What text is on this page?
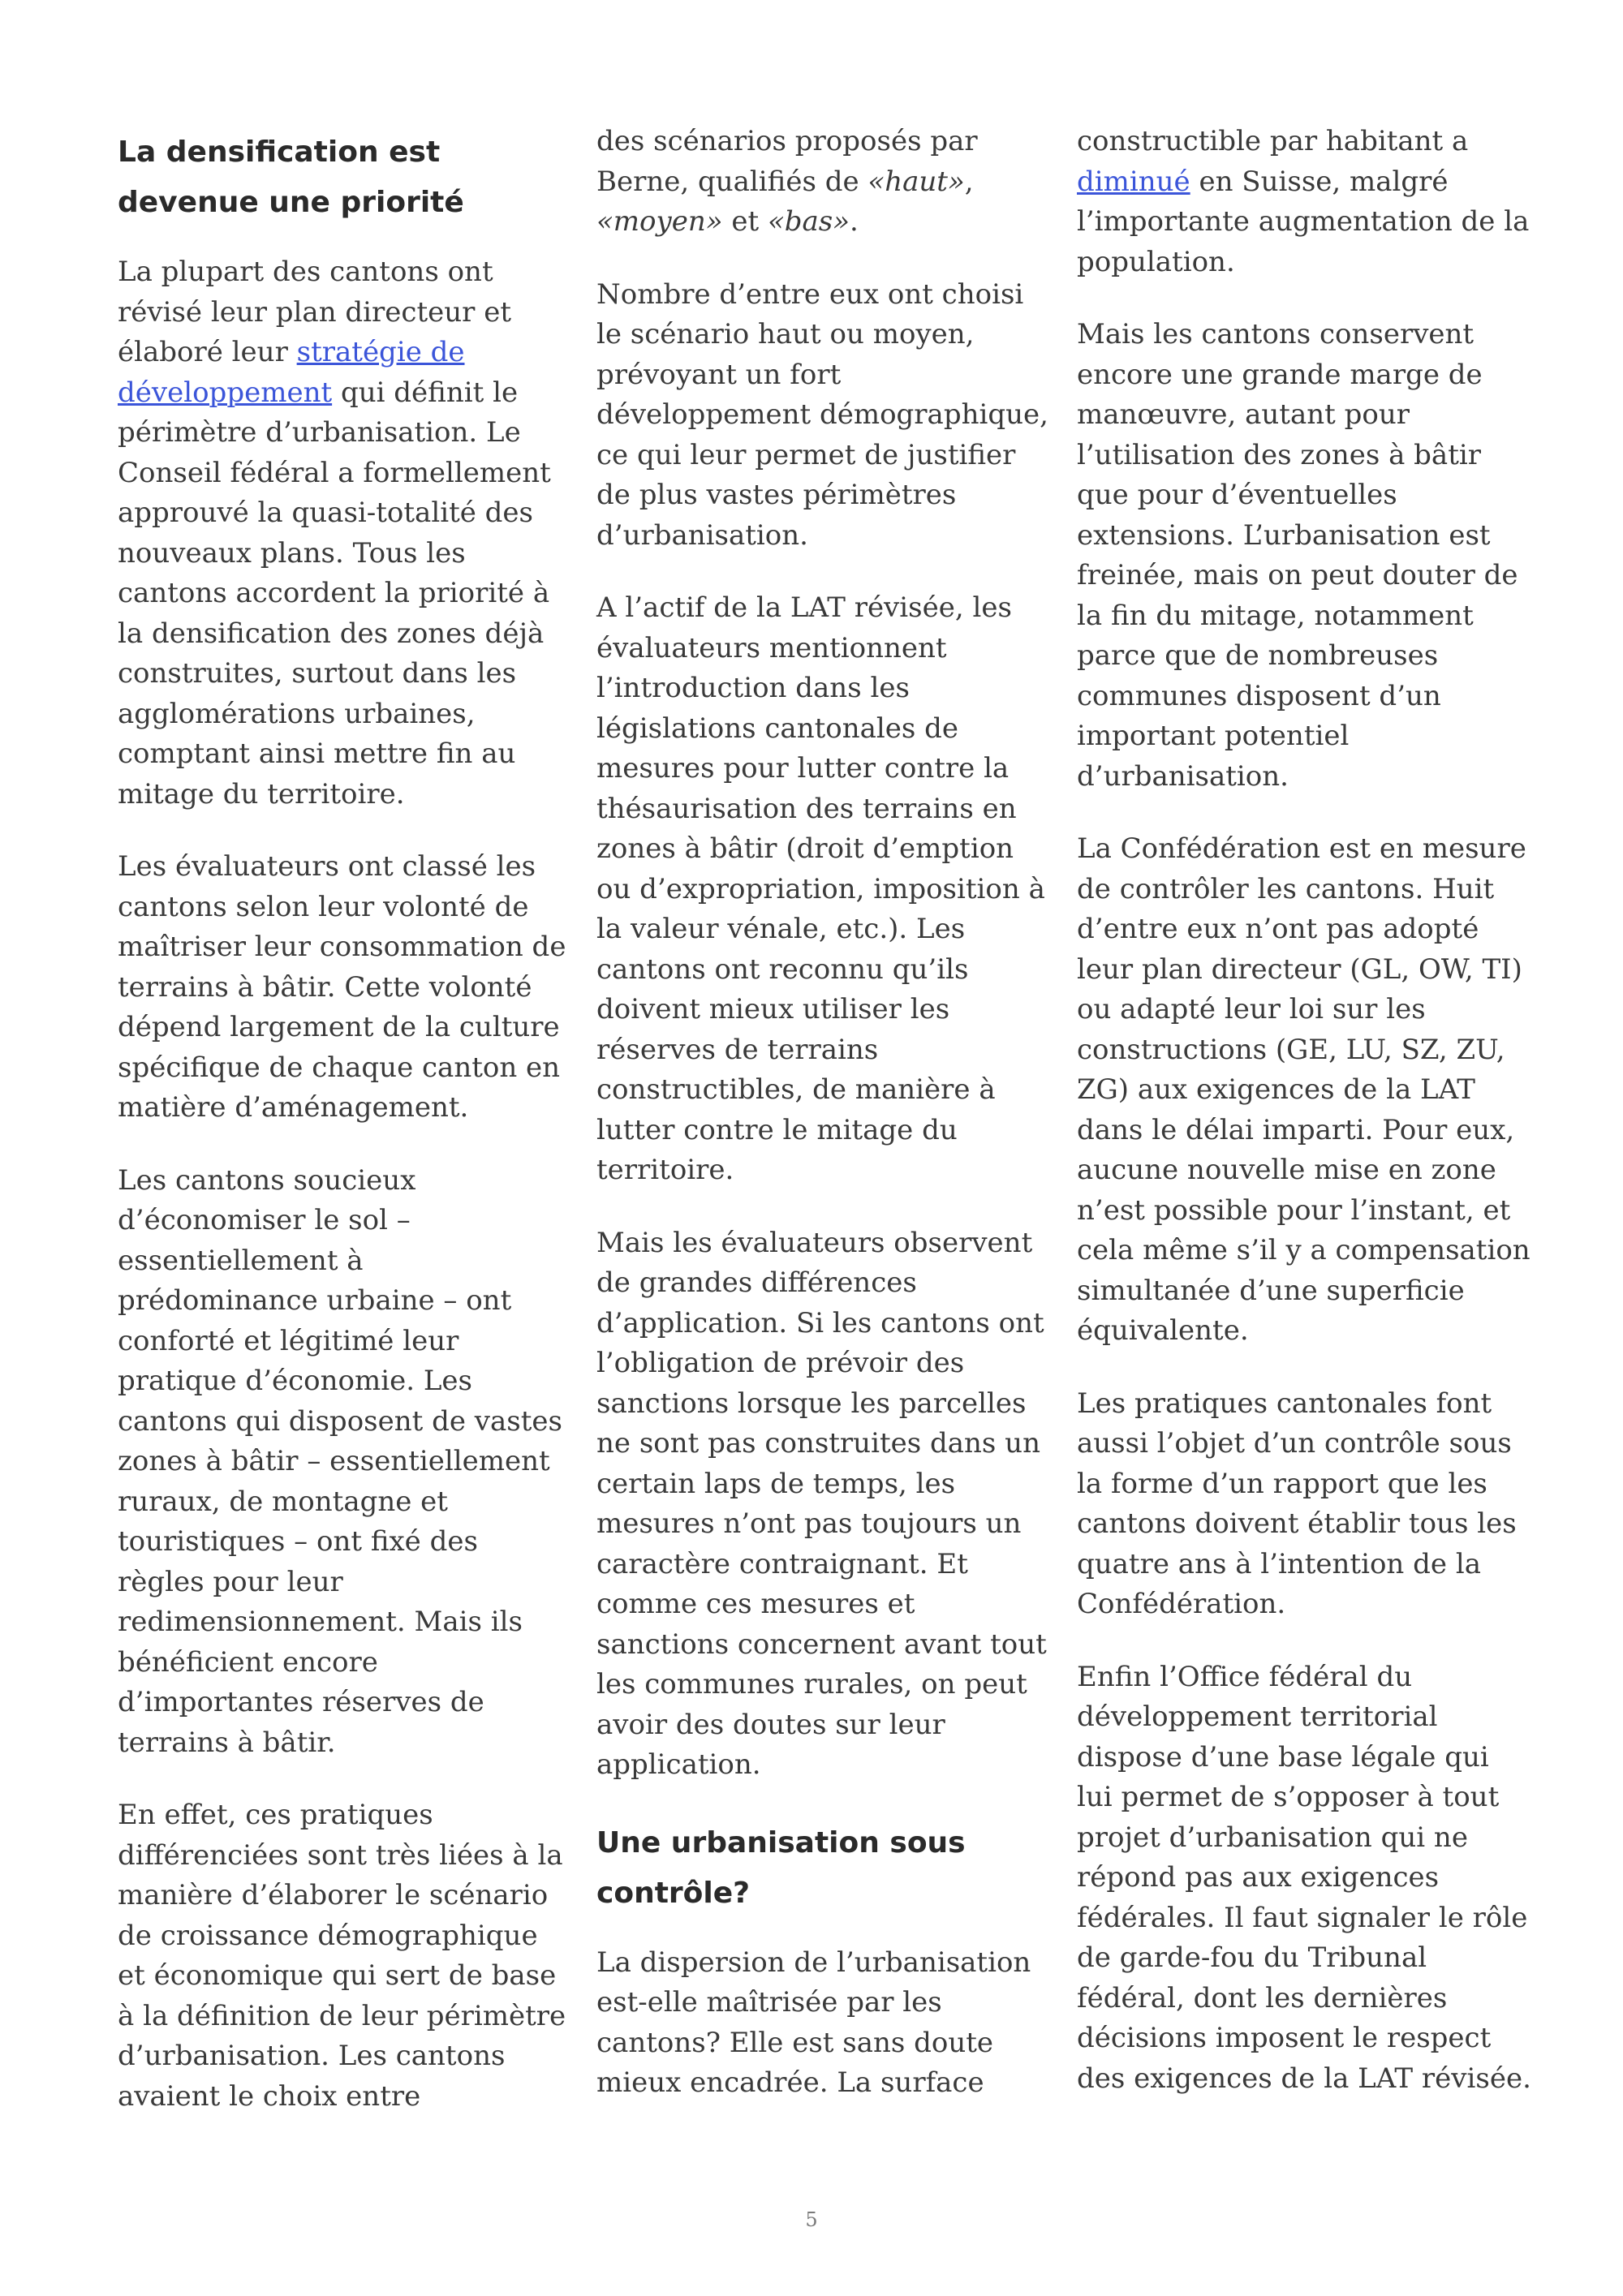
La densification est devenue une priorité

La plupart des cantons ont révisé leur plan directeur et élaboré leur stratégie de développement qui définit le périmètre d’urbanisation. Le Conseil fédéral a formellement approuvé la quasi-totalité des nouveaux plans. Tous les cantons accordent la priorité à la densification des zones déjà construites, surtout dans les agglomérations urbaines, comptant ainsi mettre fin au mitage du territoire.

Les évaluateurs ont classé les cantons selon leur volonté de maîtriser leur consommation de terrains à bâtir. Cette volonté dépend largement de la culture spécifique de chaque canton en matière d’aménagement.

Les cantons soucieux d’économiser le sol – essentiellement à prédominance urbaine – ont conforté et légitimé leur pratique d’économie. Les cantons qui disposent de vastes zones à bâtir – essentiellement ruraux, de montagne et touristiques – ont fixé des règles pour leur redimensionnement. Mais ils bénéficient encore d’importantes réserves de terrains à bâtir.

En effet, ces pratiques différenciées sont très liées à la manière d’élaborer le scénario de croissance démographique et économique qui sert de base à la définition de leur périmètre d’urbanisation. Les cantons avaient le choix entre

des scénarios proposés par Berne, qualifiés de «haut», «moyen» et «bas».

Nombre d’entre eux ont choisi le scénario haut ou moyen, prévoyant un fort développement démographique, ce qui leur permet de justifier de plus vastes périmètres d’urbanisation.

A l’actif de la LAT révisée, les évaluateurs mentionnent l’introduction dans les législations cantonales de mesures pour lutter contre la thésaurisation des terrains en zones à bâtir (droit d’emption ou d’expropriation, imposition à la valeur vénale, etc.). Les cantons ont reconnu qu’ils doivent mieux utiliser les réserves de terrains constructibles, de manière à lutter contre le mitage du territoire.

Mais les évaluateurs observent de grandes différences d’application. Si les cantons ont l’obligation de prévoir des sanctions lorsque les parcelles ne sont pas construites dans un certain laps de temps, les mesures n’ont pas toujours un caractère contraignant. Et comme ces mesures et sanctions concernent avant tout les communes rurales, on peut avoir des doutes sur leur application.

Une urbanisation sous contrôle?

La dispersion de l’urbanisation est-elle maîtrisée par les cantons? Elle est sans doute mieux encadrée. La surface

constructible par habitant a diminué en Suisse, malgré l’importante augmentation de la population.

Mais les cantons conservent encore une grande marge de manœuvre, autant pour l’utilisation des zones à bâtir que pour d’éventuelles extensions. L’urbanisation est freinée, mais on peut douter de la fin du mitage, notamment parce que de nombreuses communes disposent d’un important potentiel d’urbanisation.

La Confédération est en mesure de contrôler les cantons. Huit d’entre eux n’ont pas adopté leur plan directeur (GL, OW, TI) ou adapté leur loi sur les constructions (GE, LU, SZ, ZU, ZG) aux exigences de la LAT dans le délai imparti. Pour eux, aucune nouvelle mise en zone n’est possible pour l’instant, et cela même s’il y a compensation simultanée d’une superficie équivalente.

Les pratiques cantonales font aussi l’objet d’un contrôle sous la forme d’un rapport que les cantons doivent établir tous les quatre ans à l’intention de la Confédération.

Enfin l’Office fédéral du développement territorial dispose d’une base légale qui lui permet de s’opposer à tout projet d’urbanisation qui ne répond pas aux exigences fédérales. Il faut signaler le rôle de garde-fou du Tribunal fédéral, dont les dernières décisions imposent le respect des exigences de la LAT révisée.

5
